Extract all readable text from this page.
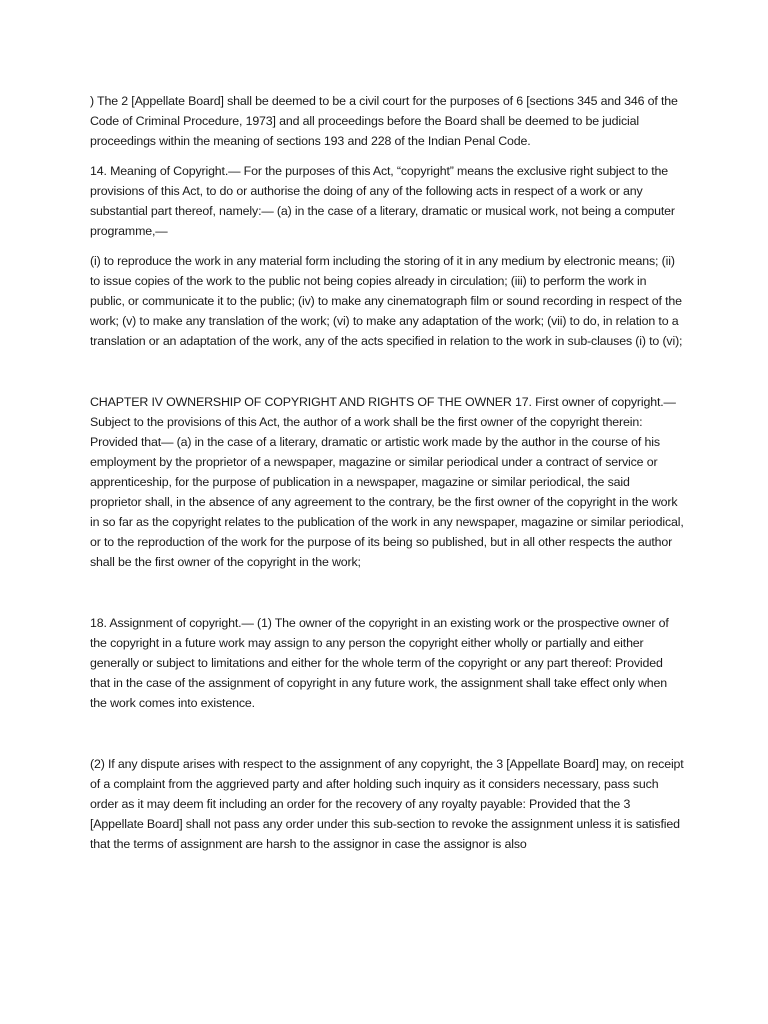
) The 2 [Appellate Board] shall be deemed to be a civil court for the purposes of 6 [sections 345 and 346 of the Code of Criminal Procedure, 1973] and all proceedings before the Board shall be deemed to be judicial proceedings within the meaning of sections 193 and 228 of the Indian Penal Code.

14. Meaning of Copyright.— For the purposes of this Act, “copyright” means the exclusive right subject to the provisions of this Act, to do or authorise the doing of any of the following acts in respect of a work or any substantial part thereof, namely:— (a) in the case of a literary, dramatic or musical work, not being a computer programme,—

(i) to reproduce the work in any material form including the storing of it in any medium by electronic means; (ii) to issue copies of the work to the public not being copies already in circulation; (iii) to perform the work in public, or communicate it to the public; (iv) to make any cinematograph film or sound recording in respect of the work; (v) to make any translation of the work; (vi) to make any adaptation of the work; (vii) to do, in relation to a translation or an adaptation of the work, any of the acts specified in relation to the work in sub-clauses (i) to (vi);

CHAPTER IV OWNERSHIP OF COPYRIGHT AND RIGHTS OF THE OWNER 17. First owner of copyright.— Subject to the provisions of this Act, the author of a work shall be the first owner of the copyright therein: Provided that— (a) in the case of a literary, dramatic or artistic work made by the author in the course of his employment by the proprietor of a newspaper, magazine or similar periodical under a contract of service or apprenticeship, for the purpose of publication in a newspaper, magazine or similar periodical, the said proprietor shall, in the absence of any agreement to the contrary, be the first owner of the copyright in the work in so far as the copyright relates to the publication of the work in any newspaper, magazine or similar periodical, or to the reproduction of the work for the purpose of its being so published, but in all other respects the author shall be the first owner of the copyright in the work;

18. Assignment of copyright.— (1) The owner of the copyright in an existing work or the prospective owner of the copyright in a future work may assign to any person the copyright either wholly or partially and either generally or subject to limitations and either for the whole term of the copyright or any part thereof: Provided that in the case of the assignment of copyright in any future work, the assignment shall take effect only when the work comes into existence.

(2) If any dispute arises with respect to the assignment of any copyright, the 3 [Appellate Board] may, on receipt of a complaint from the aggrieved party and after holding such inquiry as it considers necessary, pass such order as it may deem fit including an order for the recovery of any royalty payable: Provided that the 3 [Appellate Board] shall not pass any order under this sub-section to revoke the assignment unless it is satisfied that the terms of assignment are harsh to the assignor in case the assignor is also
